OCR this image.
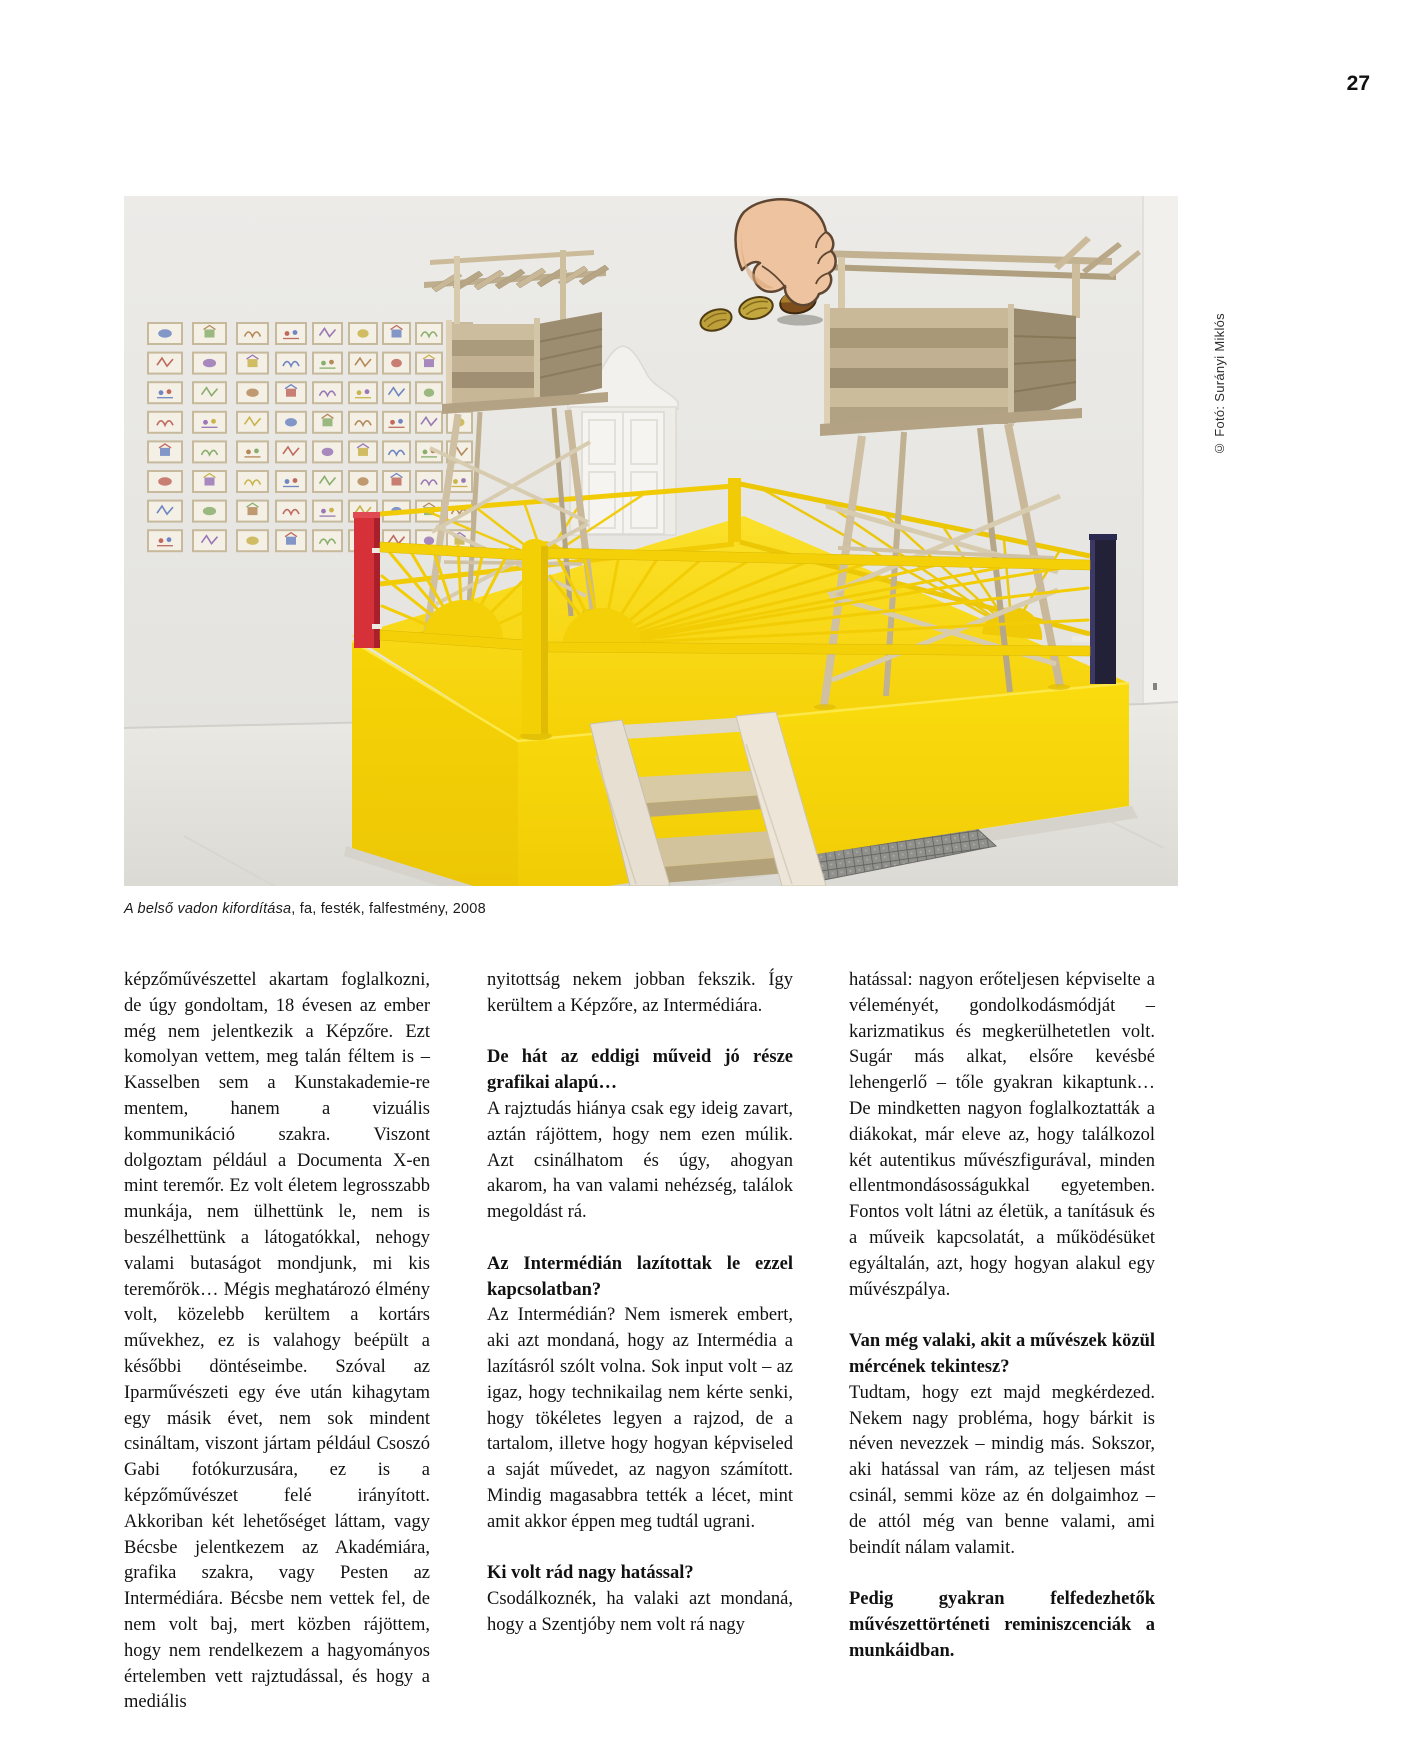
27
© Fotó: Surányi Miklós
A belső vadon kifordítása, fa, festék, falfestmény, 2008

képzőművészettel akartam foglalkozni, de úgy gondoltam, 18 évesen az ember még nem jelentkezik a Képzőre. Ezt komolyan vettem, meg talán féltem is – Kasselben sem a Kunstakademie-re mentem, hanem a vizuális kommunikáció szakra. Viszont dolgoztam például a Documenta X-en mint teremőr. Ez volt életem legrosszabb munkája, nem ülhettünk le, nem is beszélhettünk a látogatókkal, nehogy valami butaságot mondjunk, mi kis teremőrök… Mégis meghatározó élmény volt, közelebb kerültem a kortárs művekhez, ez is valahogy beépült a későbbi döntéseimbe. Szóval az Iparművészeti egy éve után kihagytam egy másik évet, nem sok mindent csináltam, viszont jártam például Csoszó Gabi fotókurzusára, ez is a képzőművészet felé irányított. Akkoriban két lehetőséget láttam, vagy Bécsbe jelentkezem az Akadémiára, grafika szakra, vagy Pesten az Intermédiára. Bécsbe nem vettek fel, de nem volt baj, mert közben rájöttem, hogy nem rendelkezem a hagyományos értelemben vett rajztudással, és hogy a mediális

nyitottság nekem jobban fekszik. Így kerültem a Képzőre, az Intermédiára.

De hát az eddigi műveid jó része grafikai alapú…

A rajztudás hiánya csak egy ideig zavart, aztán rájöttem, hogy nem ezen múlik. Azt csinálhatom és úgy, ahogyan akarom, ha van valami nehézség, találok megoldást rá.

Az Intermédián lazítottak le ezzel kapcsolatban?

Az Intermédián? Nem ismerek embert, aki azt mondaná, hogy az Intermédia a lazításról szólt volna. Sok input volt – az igaz, hogy technikailag nem kérte senki, hogy tökéletes legyen a rajzod, de a tartalom, illetve hogy hogyan képviseled a saját művedet, az nagyon számított. Mindig magasabbra tették a lécet, mint amit akkor éppen meg tudtál ugrani.

Ki volt rád nagy hatással?

Csodálkoznék, ha valaki azt mondaná, hogy a Szentjóby nem volt rá nagy

hatással: nagyon erőteljesen képviselte a véleményét, gondolkodásmódját – karizmatikus és megkerülhetetlen volt. Sugár más alkat, elsőre kevésbé lehengerlő – tőle gyakran kikaptunk… De mindketten nagyon foglalkoztatták a diákokat, már eleve az, hogy találkozol két autentikus művészfigurával, minden ellentmondásosságukkal egyetemben. Fontos volt látni az életük, a tanításuk és a műveik kapcsolatát, a működésüket egyáltalán, azt, hogy hogyan alakul egy művészpálya.

Van még valaki, akit a művészek közül mércének tekintesz?

Tudtam, hogy ezt majd megkérdezed. Nekem nagy probléma, hogy bárkit is néven nevezzek – mindig más. Sokszor, aki hatással van rám, az teljesen mást csinál, semmi köze az én dolgaimhoz – de attól még van benne valami, ami beindít nálam valamit.

Pedig gyakran felfedezhetők művészettörténeti reminiszcenciák a munkáidban.
